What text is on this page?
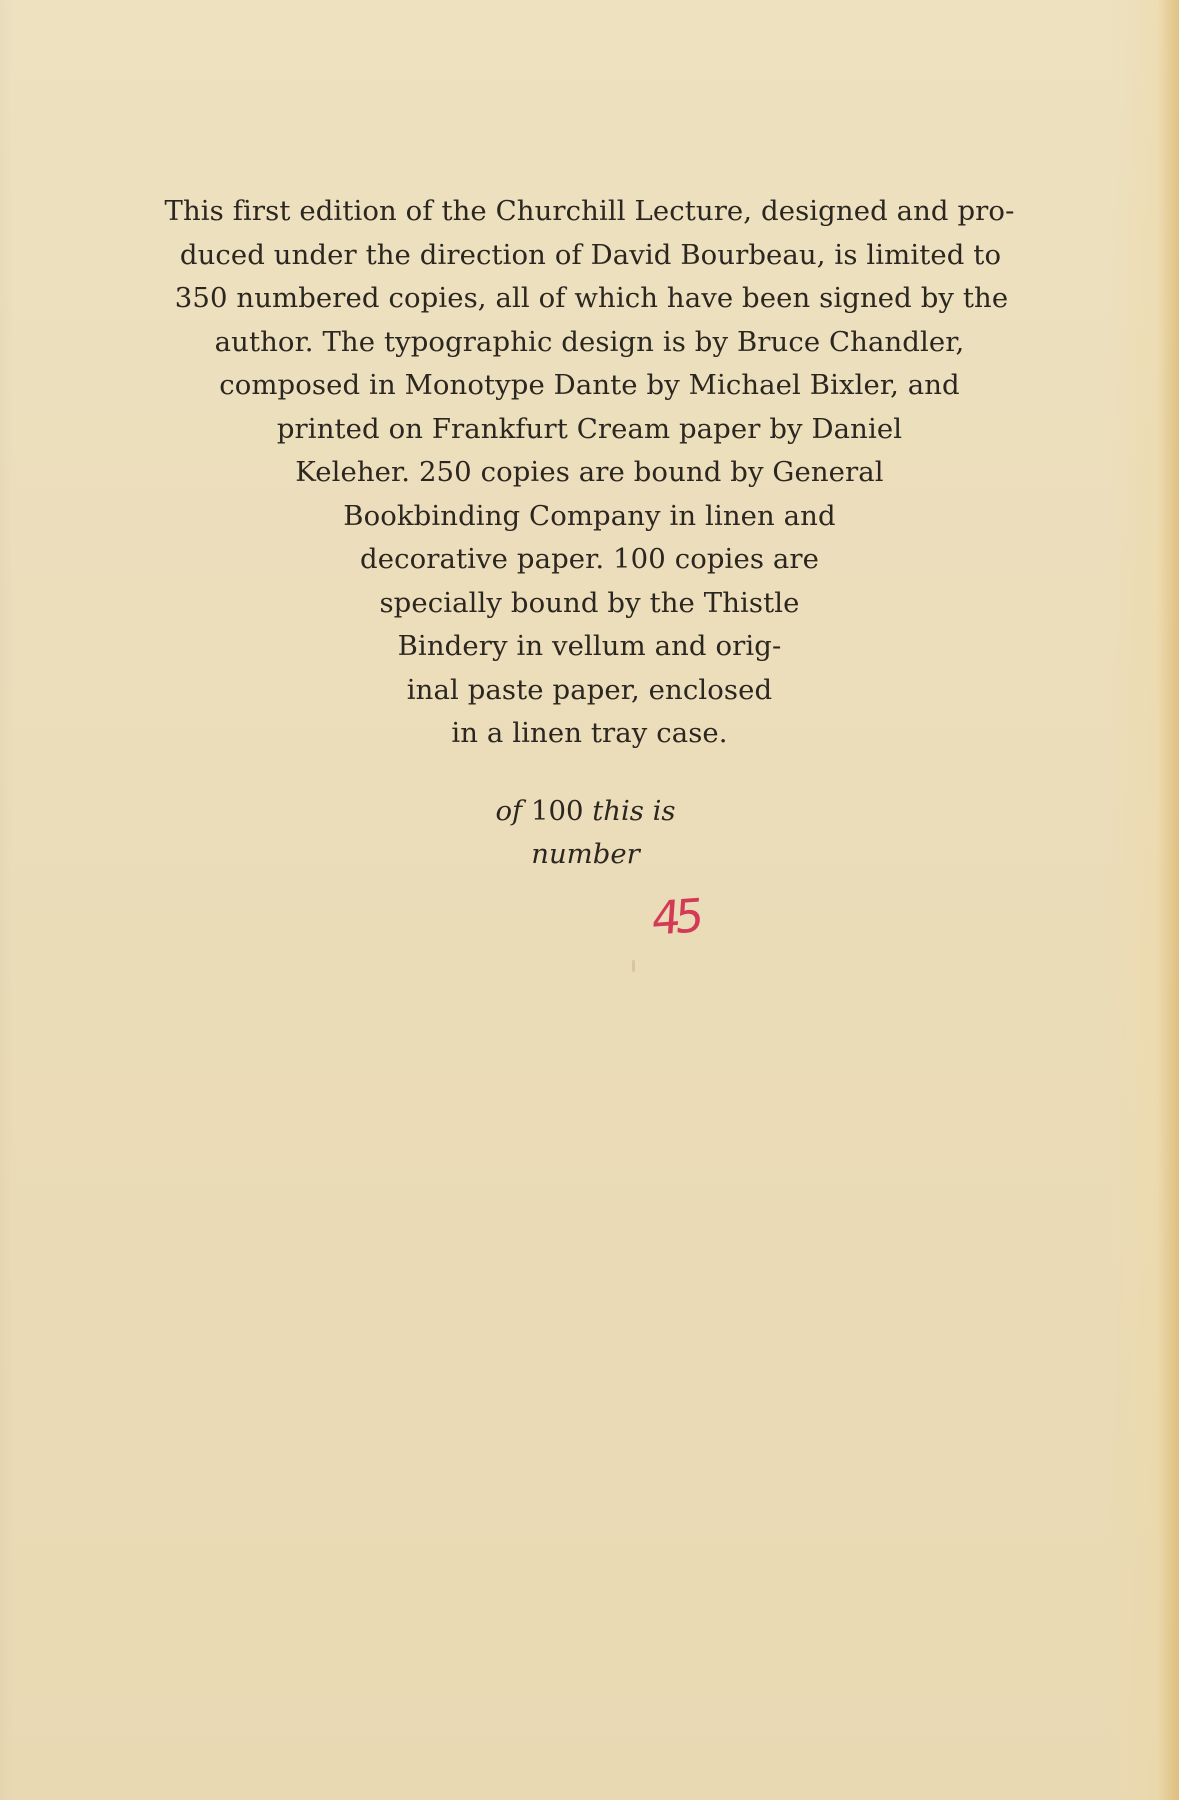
This first edition of the Churchill Lecture, designed and pro-
duced under the direction of David Bourbeau, is limited to
350 numbered copies, all of which have been signed by the
author. The typographic design is by Bruce Chandler,
composed in Monotype Dante by Michael Bixler, and
printed on Frankfurt Cream paper by Daniel
Keleher. 250 copies are bound by General
Bookbinding Company in linen and
decorative paper. 100 copies are
specially bound by the Thistle
Bindery in vellum and orig-
inal paste paper, enclosed
in a linen tray case.
of 100 this is
number
45
